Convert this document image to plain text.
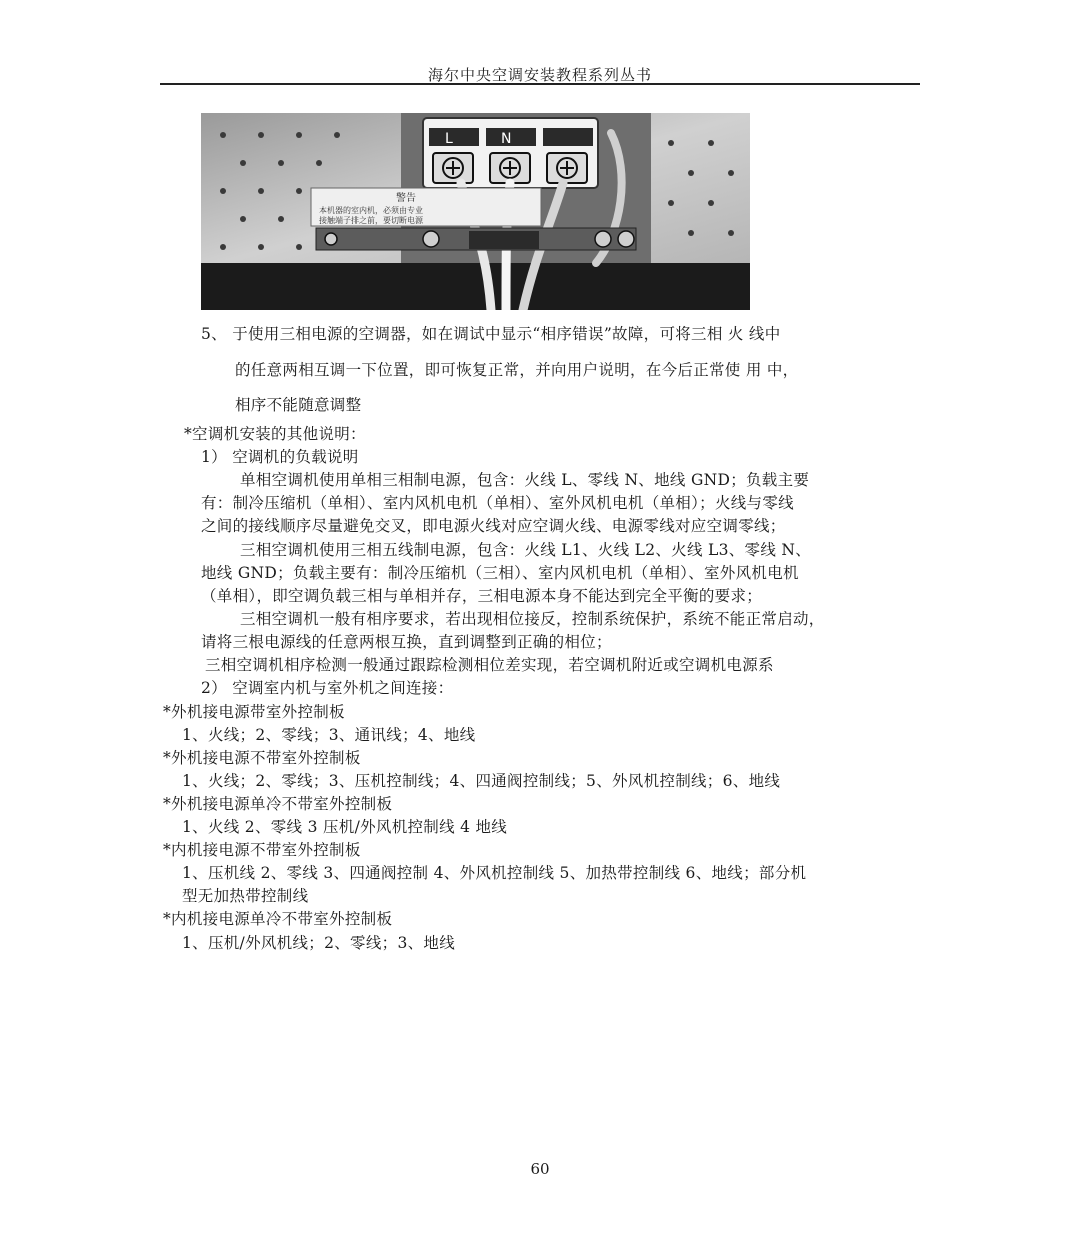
海尔中央空调安装教程系列丛书
L	N
警告
本机器的室内机，必须由专业
接触端子排之前，要切断电源
5、 于使用三相电源的空调器，如在调试中显示“相序错误”故障，可将三相 火 线中
的任意两相互调一下位置，即可恢复正常，并向用户说明，在今后正常使 用 中，
相序不能随意调整
*空调机安装的其他说明：
1） 空调机的负载说明
单相空调机使用单相三相制电源，包含：火线 L、零线 N、地线 GND；负载主要
有：制冷压缩机（单相）、室内风机电机（单相）、室外风机电机（单相）；火线与零线
之间的接线顺序尽量避免交叉，即电源火线对应空调火线、电源零线对应空调零线；
三相空调机使用三相五线制电源，包含：火线 L1、火线 L2、火线 L3、零线 N、
地线 GND；负载主要有：制冷压缩机（三相）、室内风机电机（单相）、室外风机电机
（单相），即空调负载三相与单相并存，三相电源本身不能达到完全平衡的要求；
三相空调机一般有相序要求，若出现相位接反，控制系统保护，系统不能正常启动，
请将三根电源线的任意两根互换，直到调整到正确的相位；
三相空调机相序检测一般通过跟踪检测相位差实现，若空调机附近或空调机电源系
2） 空调室内机与室外机之间连接：
*外机接电源带室外控制板
1、火线；2、零线；3、通讯线；4、地线
*外机接电源不带室外控制板
1、火线；2、零线；3、压机控制线；4、四通阀控制线；5、外风机控制线；6、地线
*外机接电源单冷不带室外控制板
1、火线 2、零线 3 压机/外风机控制线 4 地线
*内机接电源不带室外控制板
1、压机线 2、零线 3、四通阀控制 4、外风机控制线 5、加热带控制线 6、地线；部分机
型无加热带控制线
*内机接电源单冷不带室外控制板
1、压机/外风机线；2、零线；3、地线
60
